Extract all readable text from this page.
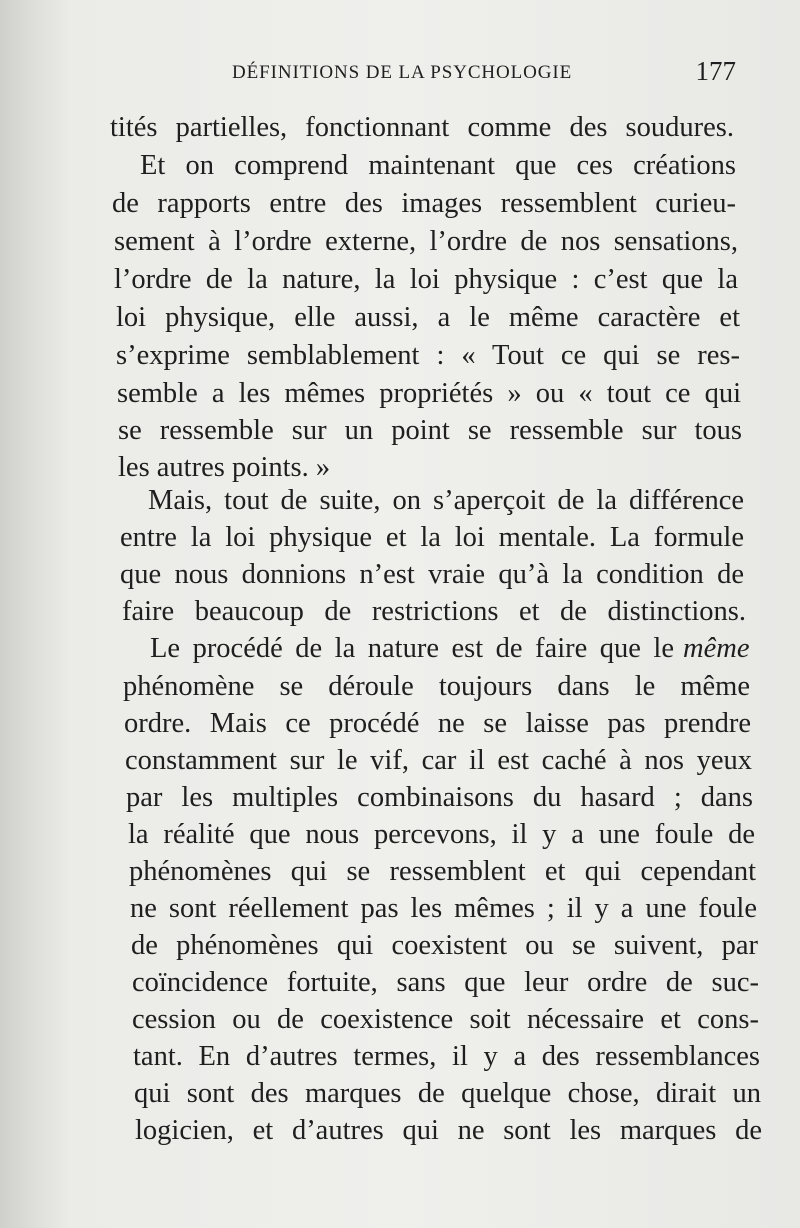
DÉFINITIONS DE LA PSYCHOLOGIE	177
tités partielles, fonctionnant comme des soudures.
Et on comprend maintenant que ces créations
de rapports entre des images ressemblent curieu-
sement à l’ordre externe, l’ordre de nos sensations,
l’ordre de la nature, la loi physique : c’est que la
loi physique, elle aussi, a le même caractère et
s’exprime semblablement : « Tout ce qui se res-
semble a les mêmes propriétés » ou « tout ce qui
se ressemble sur un point se ressemble sur tous
les autres points. »
Mais, tout de suite, on s’aperçoit de la différence
entre la loi physique et la loi mentale. La formule
que nous donnions n’est vraie qu’à la condition de
faire beaucoup de restrictions et de distinctions.
Le procédé de la nature est de faire que le même
phénomène se déroule toujours dans le même
ordre. Mais ce procédé ne se laisse pas prendre
constamment sur le vif, car il est caché à nos yeux
par les multiples combinaisons du hasard ; dans
la réalité que nous percevons, il y a une foule de
phénomènes qui se ressemblent et qui cependant
ne sont réellement pas les mêmes ; il y a une foule
de phénomènes qui coexistent ou se suivent, par
coïncidence fortuite, sans que leur ordre de suc-
cession ou de coexistence soit nécessaire et cons-
tant. En d’autres termes, il y a des ressemblances
qui sont des marques de quelque chose, dirait un
logicien, et d’autres qui ne sont les marques de
